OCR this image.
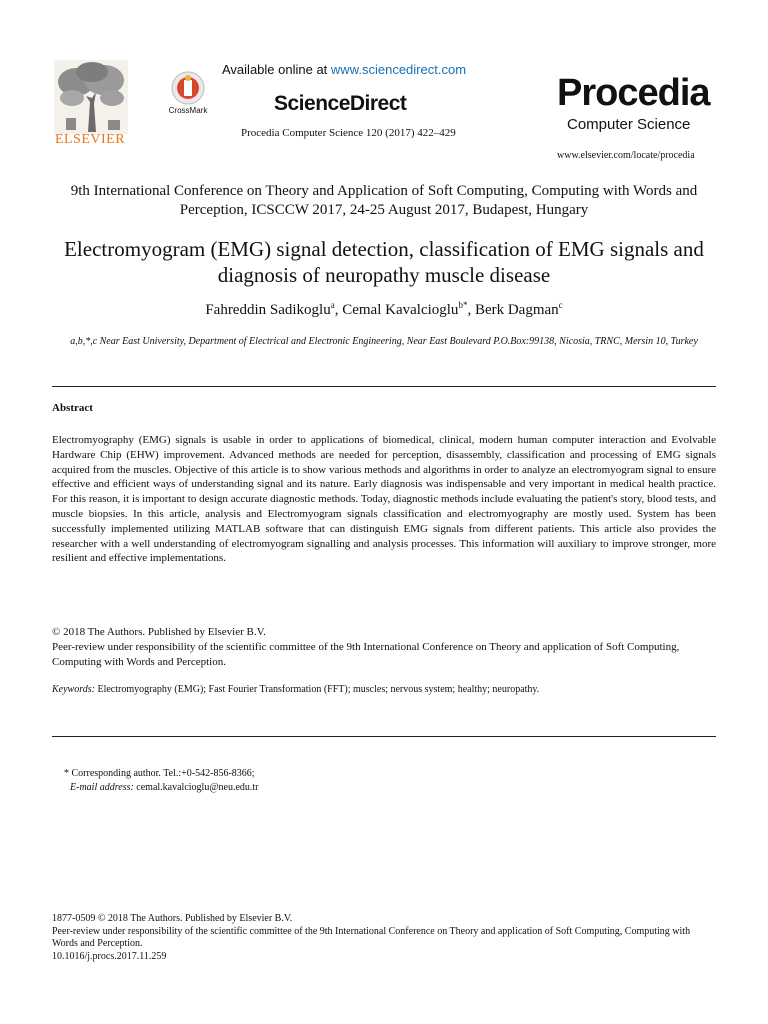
ELSEVIER
CrossMark
Available online at www.sciencedirect.com
ScienceDirect
Procedia Computer Science 120 (2017) 422–429
Procedia
Computer Science
www.elsevier.com/locate/procedia
9th International Conference on Theory and Application of Soft Computing, Computing with Words and Perception, ICSCCW 2017, 24-25 August 2017, Budapest, Hungary
Electromyogram (EMG) signal detection, classification of EMG signals and diagnosis of neuropathy muscle disease
Fahreddin Sadikoglu$^a$, Cemal Kavalcioglu$^{b*}$, Berk Dagman$^c$
a,b,*,c Near East University, Department of Electrical and Electronic Engineering, Near East Boulevard P.O.Box:99138, Nicosia, TRNC, Mersin 10, Turkey
Abstract
Electromyography (EMG) signals is usable in order to applications of biomedical, clinical, modern human computer interaction and Evolvable Hardware Chip (EHW) improvement. Advanced methods are needed for perception, disassembly, classification and processing of EMG signals acquired from the muscles. Objective of this article is to show various methods and algorithms in order to analyze an electromyogram signal to ensure effective and efficient ways of understanding signal and its nature. Early diagnosis was indispensable and very important in medical health practice. For this reason, it is important to design accurate diagnostic methods. Today, diagnostic methods include evaluating the patient's story, blood tests, and muscle biopsies. In this article, analysis and Electromyogram signals classification and electromyography are mostly used. System has been successfully implemented utilizing MATLAB software that can distinguish EMG signals from different patients. This article also provides the researcher with a well understanding of electromyogram signalling and analysis processes. This information will auxiliary to improve stronger, more resilient and effective implementations.
© 2018 The Authors. Published by Elsevier B.V.
Peer-review under responsibility of the scientific committee of the 9th International Conference on Theory and application of Soft Computing, Computing with Words and Perception.
Keywords: Electromyography (EMG); Fast Fourier Transformation (FFT); muscles; nervous system; healthy; neuropathy.
* Corresponding author. Tel.:+0-542-856-8366;
E-mail address: cemal.kavalcioglu@neu.edu.tr
1877-0509 © 2018 The Authors. Published by Elsevier B.V.
Peer-review under responsibility of the scientific committee of the 9th International Conference on Theory and application of Soft Computing, Computing with Words and Perception.
10.1016/j.procs.2017.11.259
